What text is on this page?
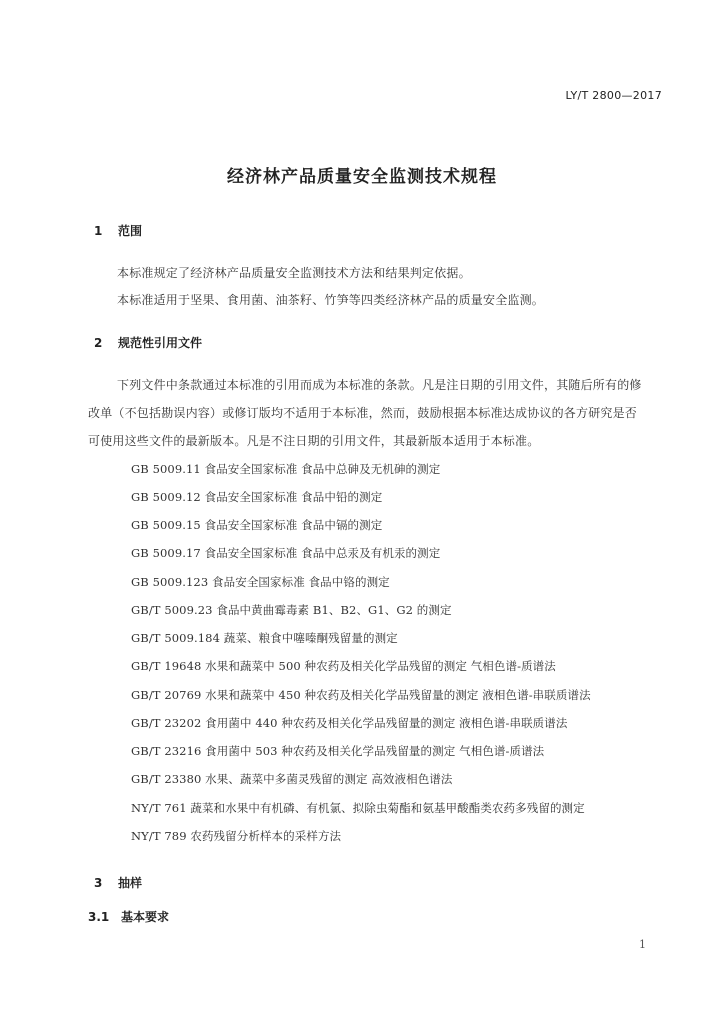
LY/T 2800—2017
经济林产品质量安全监测技术规程
1 范围
本标准规定了经济林产品质量安全监测技术方法和结果判定依据。
本标准适用于坚果、食用菌、油茶籽、竹笋等四类经济林产品的质量安全监测。
2 规范性引用文件
下列文件中条款通过本标准的引用而成为本标准的条款。凡是注日期的引用文件，其随后所有的修
改单（不包括勘误内容）或修订版均不适用于本标准，然而，鼓励根据本标准达成协议的各方研究是否
可使用这些文件的最新版本。凡是不注日期的引用文件，其最新版本适用于本标准。
GB 5009.11 食品安全国家标准 食品中总砷及无机砷的测定
GB 5009.12 食品安全国家标准 食品中铅的测定
GB 5009.15 食品安全国家标准 食品中镉的测定
GB 5009.17 食品安全国家标准 食品中总汞及有机汞的测定
GB 5009.123 食品安全国家标准 食品中铬的测定
GB/T 5009.23 食品中黄曲霉毒素 B1、B2、G1、G2 的测定
GB/T 5009.184 蔬菜、粮食中噻嗪酮残留量的测定
GB/T 19648 水果和蔬菜中 500 种农药及相关化学品残留的测定 气相色谱-质谱法
GB/T 20769 水果和蔬菜中 450 种农药及相关化学品残留量的测定 液相色谱-串联质谱法
GB/T 23202 食用菌中 440 种农药及相关化学品残留量的测定 液相色谱-串联质谱法
GB/T 23216 食用菌中 503 种农药及相关化学品残留量的测定 气相色谱-质谱法
GB/T 23380 水果、蔬菜中多菌灵残留的测定 高效液相色谱法
NY/T 761 蔬菜和水果中有机磷、有机氯、拟除虫菊酯和氨基甲酸酯类农药多残留的测定
NY/T 789 农药残留分析样本的采样方法
3 抽样
3.1 基本要求
1
